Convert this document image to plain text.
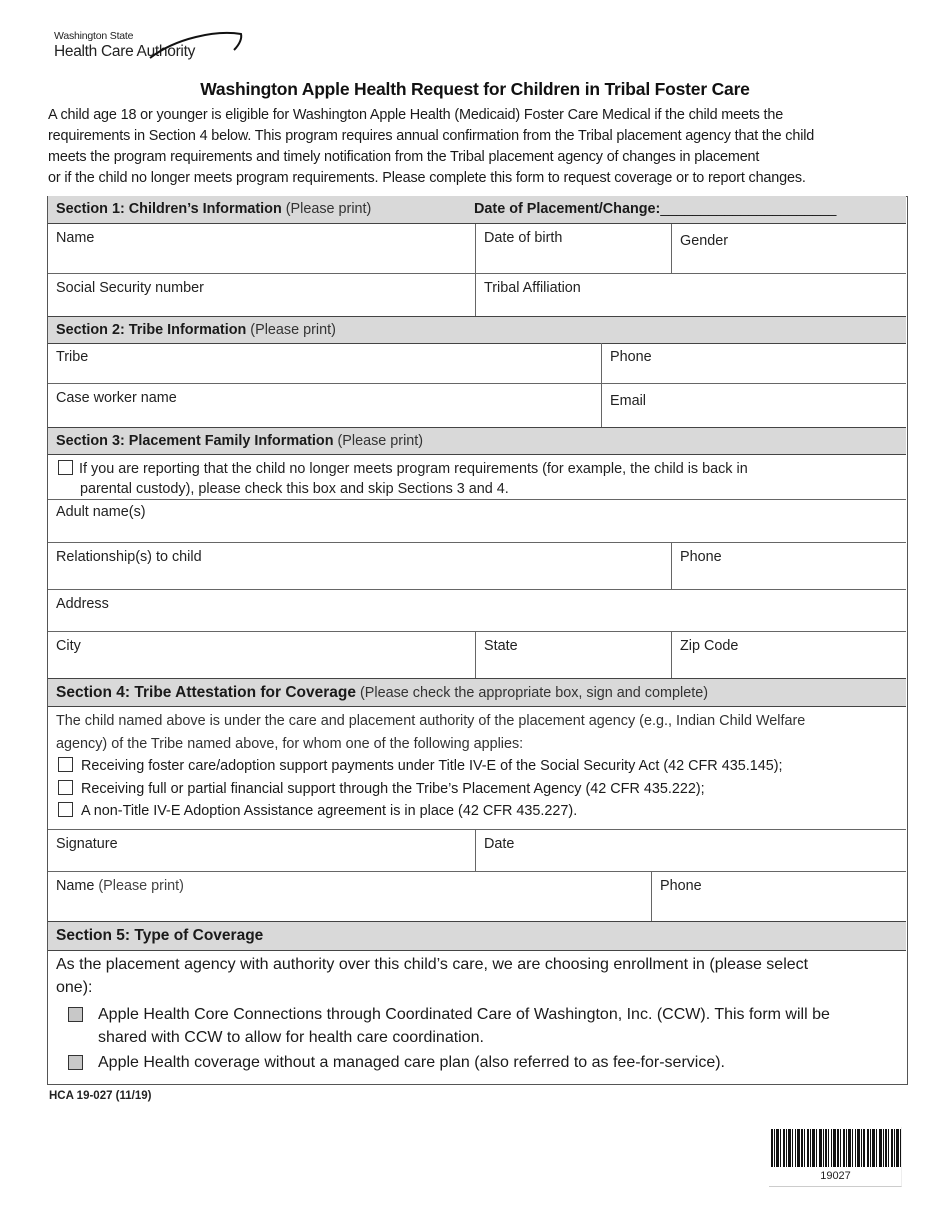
Washington State
Health Care Authority
Washington Apple Health Request for Children in Tribal Foster Care
A child age 18 or younger is eligible for Washington Apple Health (Medicaid) Foster Care Medical if the child meets the
requirements in Section 4 below. This program requires annual confirmation from the Tribal placement agency that the child
meets the program requirements and timely notification from the Tribal placement agency of changes in placement
or if the child no longer meets program requirements. Please complete this form to request coverage or to report changes.
Section 1: Children’s Information (Please print)	Date of Placement/Change:______________________
Name	Date of birth	Gender
Social Security number	Tribal Affiliation
Section 2: Tribe Information (Please print)
Tribe	Phone
Case worker name	Email
Section 3: Placement Family Information (Please print)
If you are reporting that the child no longer meets program requirements (for example, the child is back in
parental custody), please check this box and skip Sections 3 and 4.
Adult name(s)
Relationship(s) to child	Phone
Address
City	State	Zip Code
Section 4: Tribe Attestation for Coverage (Please check the appropriate box, sign and complete)
The child named above is under the care and placement authority of the placement agency (e.g., Indian Child Welfare
agency) of the Tribe named above, for whom one of the following applies:
Receiving foster care/adoption support payments under Title IV-E of the Social Security Act (42 CFR 435.145);
Receiving full or partial financial support through the Tribe’s Placement Agency (42 CFR 435.222);
A non-Title IV-E Adoption Assistance agreement is in place (42 CFR 435.227).
Signature	Date
Name (Please print)	Phone
Section 5: Type of Coverage
As the placement agency with authority over this child’s care, we are choosing enrollment in (please select
one):
Apple Health Core Connections through Coordinated Care of Washington, Inc. (CCW). This form will be
shared with CCW to allow for health care coordination.
Apple Health coverage without a managed care plan (also referred to as fee-for-service).
HCA 19-027 (11/19)
19027
